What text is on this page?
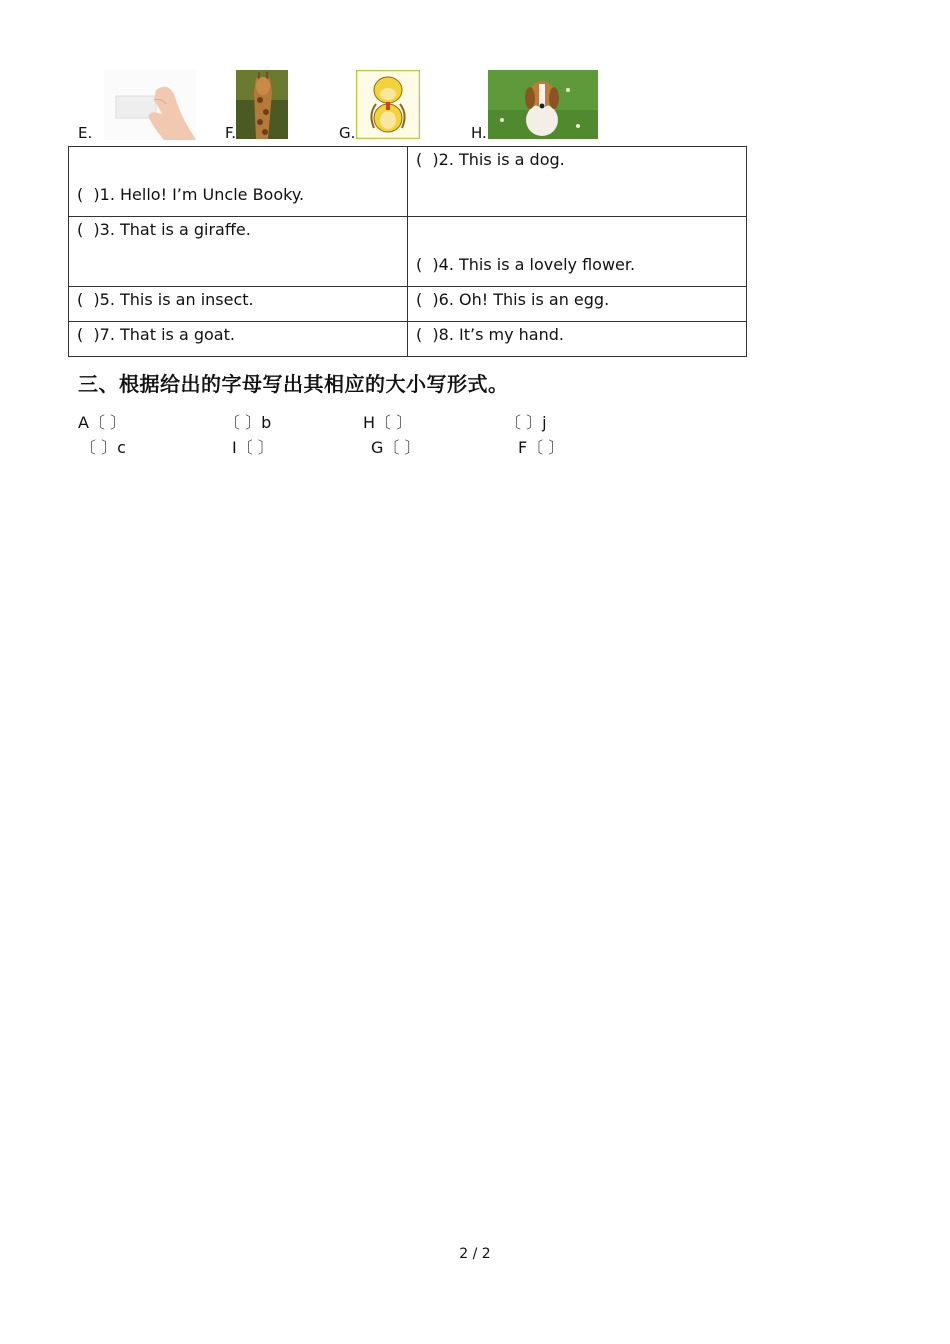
E.	F.	G.	H.
(  )1. Hello! I’m Uncle Booky.	(  )2. This is a dog.

(  )3. That is a giraffe.	(  )4. This is a lovely flower.

(  )5. This is an insect.	(  )6. Oh! This is an egg.

(  )7. That is a goat.	(  )8. It’s my hand.
三、根据给出的字母写出其相应的大小写形式。
A〔 〕	〔 〕b	H〔 〕	〔 〕j
〔 〕c	I〔 〕	G〔 〕	F〔 〕
2 / 2
